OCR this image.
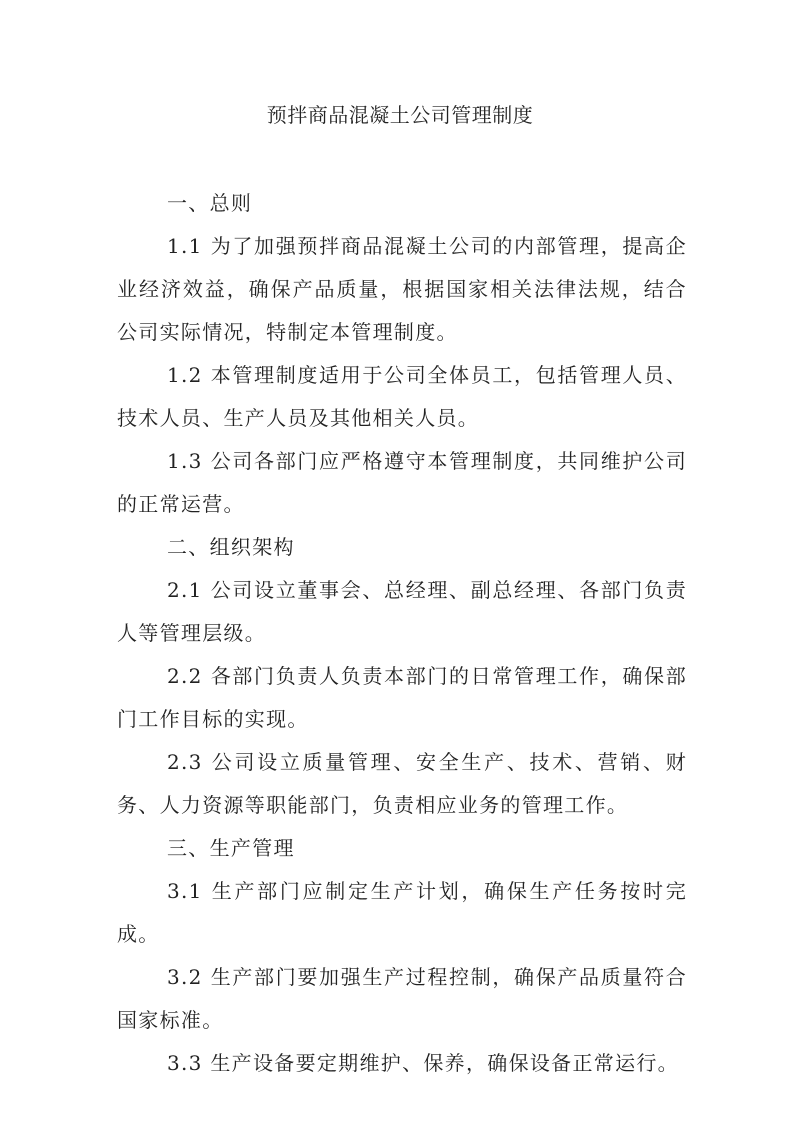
预拌商品混凝土公司管理制度

一、总则

1.1 为了加强预拌商品混凝土公司的内部管理，提高企业经济效益，确保产品质量，根据国家相关法律法规，结合公司实际情况，特制定本管理制度。

1.2 本管理制度适用于公司全体员工，包括管理人员、技术人员、生产人员及其他相关人员。

1.3 公司各部门应严格遵守本管理制度，共同维护公司的正常运营。

二、组织架构

2.1 公司设立董事会、总经理、副总经理、各部门负责人等管理层级。

2.2 各部门负责人负责本部门的日常管理工作，确保部门工作目标的实现。

2.3 公司设立质量管理、安全生产、技术、营销、财务、人力资源等职能部门，负责相应业务的管理工作。

三、生产管理

3.1 生产部门应制定生产计划，确保生产任务按时完成。

3.2 生产部门要加强生产过程控制，确保产品质量符合国家标准。

3.3 生产设备要定期维护、保养，确保设备正常运行。
